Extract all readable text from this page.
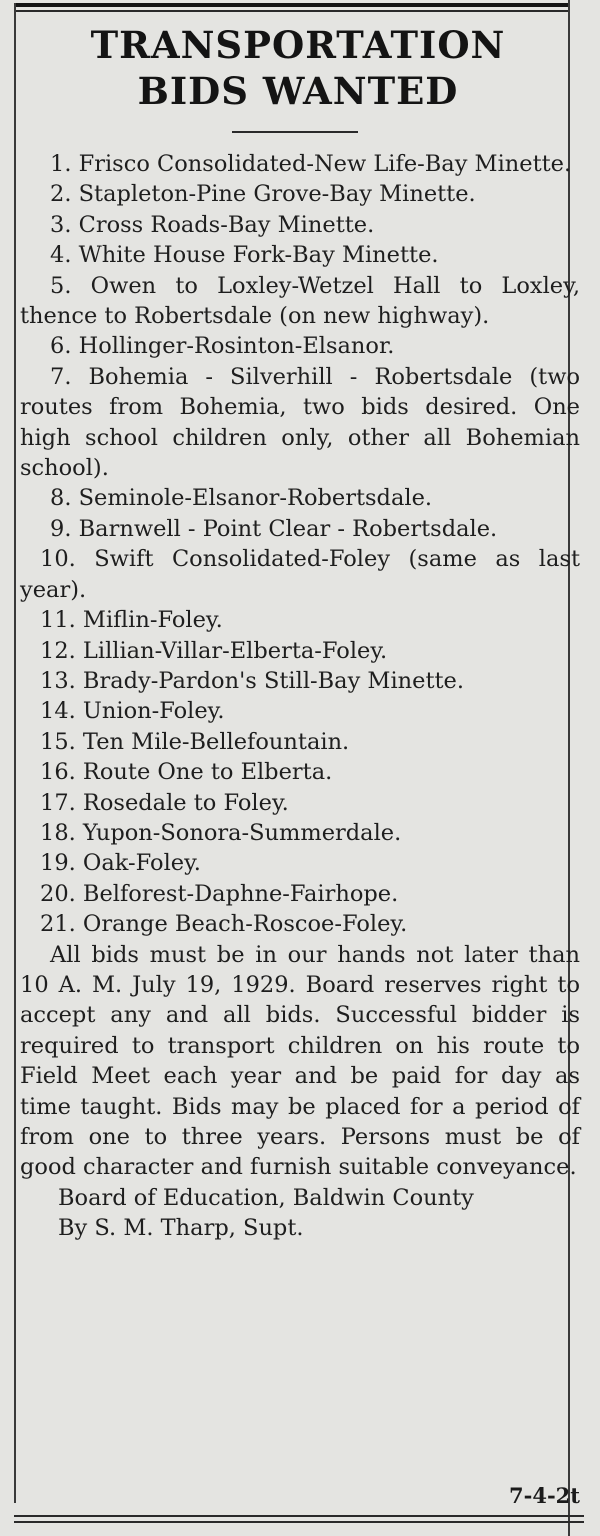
TRANSPORTATION
BIDS WANTED

1. Frisco Consolidated-New Life-Bay Minette.

2. Stapleton-Pine Grove-Bay Minette.

3. Cross Roads-Bay Minette.

4. White House Fork-Bay Minette.

5. Owen to Loxley-Wetzel Hall to Loxley, thence to Robertsdale (on new highway).

6. Hollinger-Rosinton-Elsanor.

7. Bohemia - Silverhill - Robertsdale (two routes from Bohemia, two bids desired. One high school children only, other all Bohemian school).

8. Seminole-Elsanor-Robertsdale.

9. Barnwell - Point Clear - Robertsdale.

10. Swift Consolidated-Foley (same as last year).

11. Miflin-Foley.

12. Lillian-Villar-Elberta-Foley.

13. Brady-Pardon's Still-Bay Minette.

14. Union-Foley.

15. Ten Mile-Bellefountain.

16. Route One to Elberta.

17. Rosedale to Foley.

18. Yupon-Sonora-Summerdale.

19. Oak-Foley.

20. Belforest-Daphne-Fairhope.

21. Orange Beach-Roscoe-Foley.

All bids must be in our hands not later than 10 A. M. July 19, 1929. Board reserves right to accept any and all bids. Successful bidder is required to transport children on his route to Field Meet each year and be paid for day as time taught. Bids may be placed for a period of from one to three years. Persons must be of good character and furnish suitable conveyance.

Board of Education, Baldwin County

By S. M. Tharp, Supt.

7-4-2t
